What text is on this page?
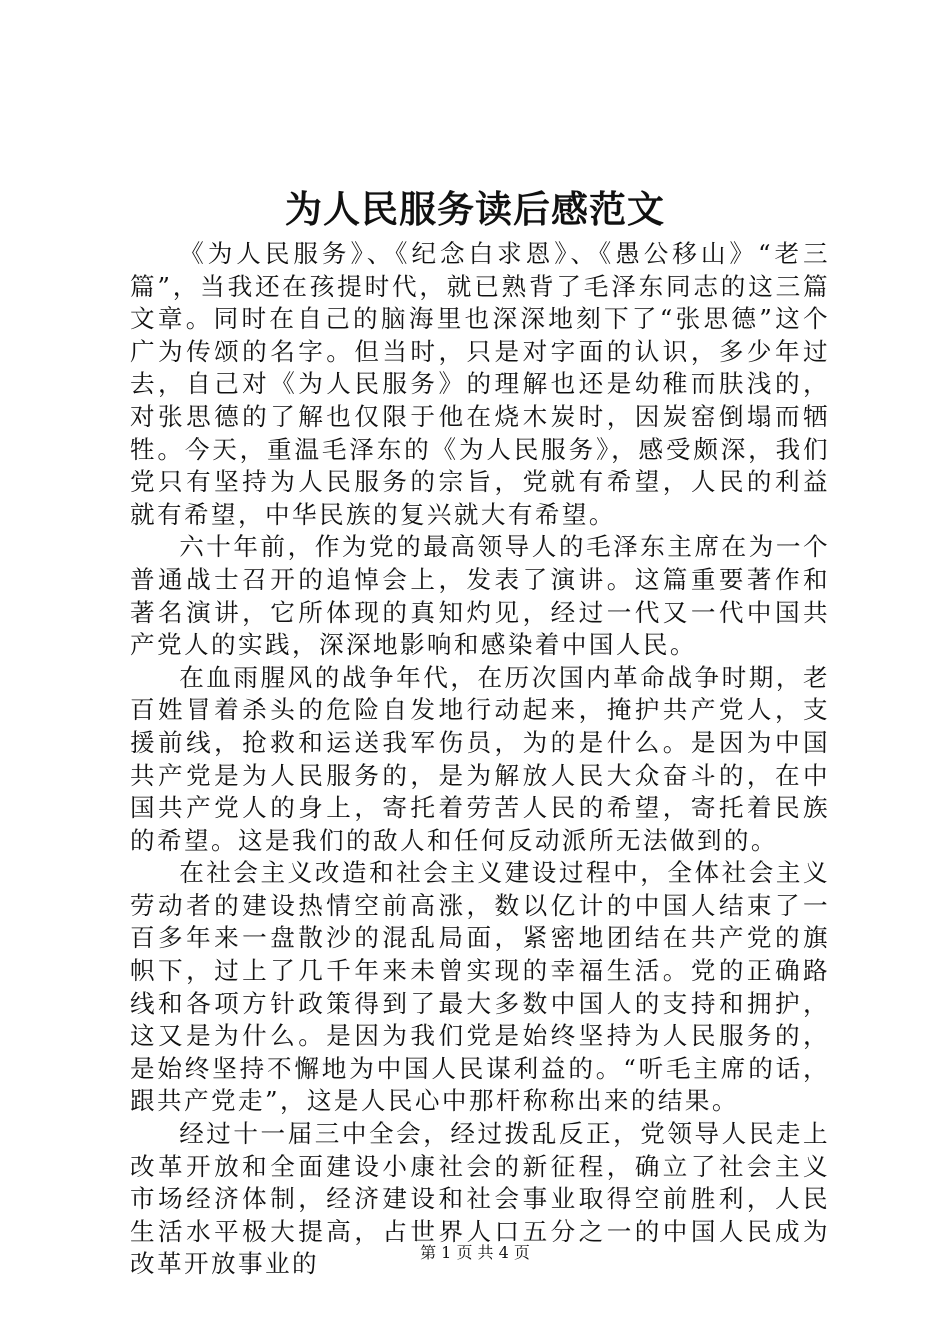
为人民服务读后感范文

《为人民服务》、《纪念白求恩》、《愚公移山》“老三篇”，当我还在孩提时代，就已熟背了毛泽东同志的这三篇文章。同时在自己的脑海里也深深地刻下了“张思德”这个广为传颂的名字。但当时，只是对字面的认识，多少年过去，自己对《为人民服务》的理解也还是幼稚而肤浅的，对张思德的了解也仅限于他在烧木炭时，因炭窑倒塌而牺牲。今天，重温毛泽东的《为人民服务》，感受颇深，我们党只有坚持为人民服务的宗旨，党就有希望，人民的利益就有希望，中华民族的复兴就大有希望。

六十年前，作为党的最高领导人的毛泽东主席在为一个普通战士召开的追悼会上，发表了演讲。这篇重要著作和著名演讲，它所体现的真知灼见，经过一代又一代中国共产党人的实践，深深地影响和感染着中国人民。

在血雨腥风的战争年代，在历次国内革命战争时期，老百姓冒着杀头的危险自发地行动起来，掩护共产党人，支援前线，抢救和运送我军伤员，为的是什么。是因为中国共产党是为人民服务的，是为解放人民大众奋斗的，在中国共产党人的身上，寄托着劳苦人民的希望，寄托着民族的希望。这是我们的敌人和任何反动派所无法做到的。

在社会主义改造和社会主义建设过程中，全体社会主义劳动者的建设热情空前高涨，数以亿计的中国人结束了一百多年来一盘散沙的混乱局面，紧密地团结在共产党的旗帜下，过上了几千年来未曾实现的幸福生活。党的正确路线和各项方针政策得到了最大多数中国人的支持和拥护，这又是为什么。是因为我们党是始终坚持为人民服务的，是始终坚持不懈地为中国人民谋利益的。“听毛主席的话，跟共产党走”，这是人民心中那杆称称出来的结果。

经过十一届三中全会，经过拨乱反正，党领导人民走上改革开放和全面建设小康社会的新征程，确立了社会主义市场经济体制，经济建设和社会事业取得空前胜利，人民生活水平极大提高，占世界人口五分之一的中国人民成为改革开放事业的	第 1 页 共 4 页
